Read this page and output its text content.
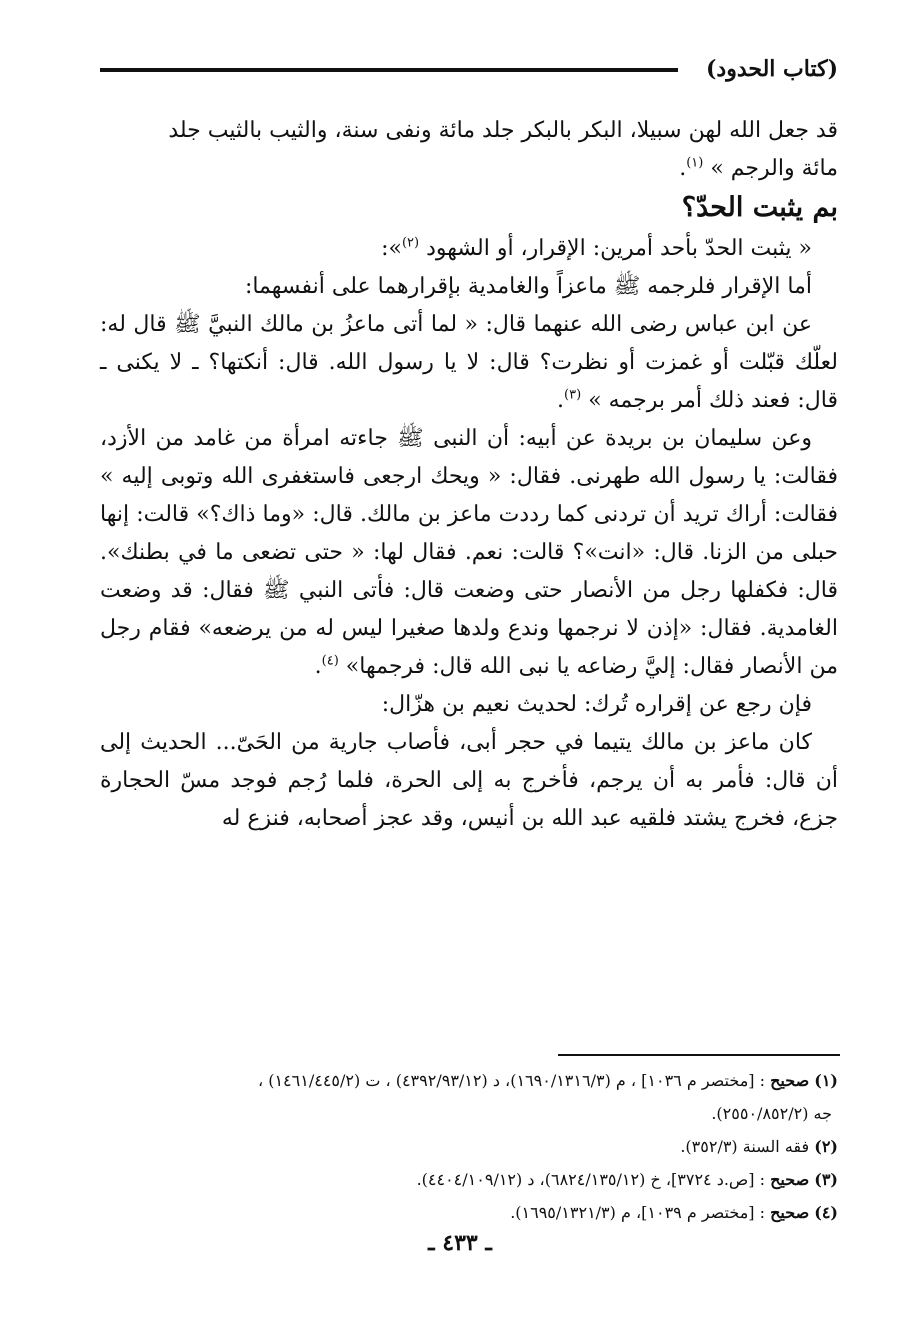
(كتاب الحدود)

قد جعل الله لهن سبيلا، البكر بالبكر جلد مائة ونفى سنة، والثيب بالثيب جلد
مائة والرجم » $^{(١)}$.

بم يثبت الحدّ؟

« يثبت الحدّ بأحد أمرين: الإقرار، أو الشهود $^{(٢)}$»:

أما الإقرار فلرجمه ﷺ ماعزاً والغامدية بإقرارهما على أنفسهما:

عن ابن عباس رضى الله عنهما قال: « لما أتى ماعزُ بن مالك النبيَّ ﷺ قال له: لعلّك قبّلت أو غمزت أو نظرت؟ قال: لا يا رسول الله. قال: أنكتها؟ ـ لا يكنى ـ قال: فعند ذلك أمر برجمه » $^{(٣)}$.

وعن سليمان بن بريدة عن أبيه: أن النبى ﷺ جاءته امرأة من غامد من الأزد، فقالت: يا رسول الله طهرنى. فقال: « ويحك ارجعى فاستغفرى الله وتوبى إليه » فقالت: أراك تريد أن تردنى كما رددت ماعز بن مالك. قال: «وما ذاك؟» قالت: إنها حبلى من الزنا. قال: «انت»؟ قالت: نعم. فقال لها: « حتى تضعى ما في بطنك». قال: فكفلها رجل من الأنصار حتى وضعت قال: فأتى النبي ﷺ فقال: قد وضعت الغامدية. فقال: «إذن لا نرجمها وندع ولدها صغيرا ليس له من يرضعه» فقام رجل من الأنصار فقال: إليَّ رضاعه يا نبى الله قال: فرجمها» $^{(٤)}$.

فإن رجع عن إقراره تُرك: لحديث نعيم بن هزّال:

كان ماعز بن مالك يتيما في حجر أبى، فأصاب جارية من الحَىّ... الحديث إلى أن قال: فأمر به أن يرجم، فأخرج به إلى الحرة، فلما رُجم فوجد مسّ الحجارة جزع، فخرج يشتد فلقيه عبد الله بن أنيس، وقد عجز أصحابه، فنزع له

(١) صحيح : [مختصر م ١٠٣٦] ، م (١٦٩٠/١٣١٦/٣)، د (٤٣٩٢/٩٣/١٢) ، ت (١٤٦١/٤٤٥/٢) ،

جه (٢٥٥٠/٨٥٢/٢).

(٢) فقه السنة (٣٥٢/٣).

(٣) صحيح : [ص.د ٣٧٢٤]، خ (٦٨٢٤/١٣٥/١٢)، د (٤٤٠٤/١٠٩/١٢).

(٤) صحيح : [مختصر م ١٠٣٩]، م (١٦٩٥/١٣٢١/٣).

ـ ٤٣٣ ـ
